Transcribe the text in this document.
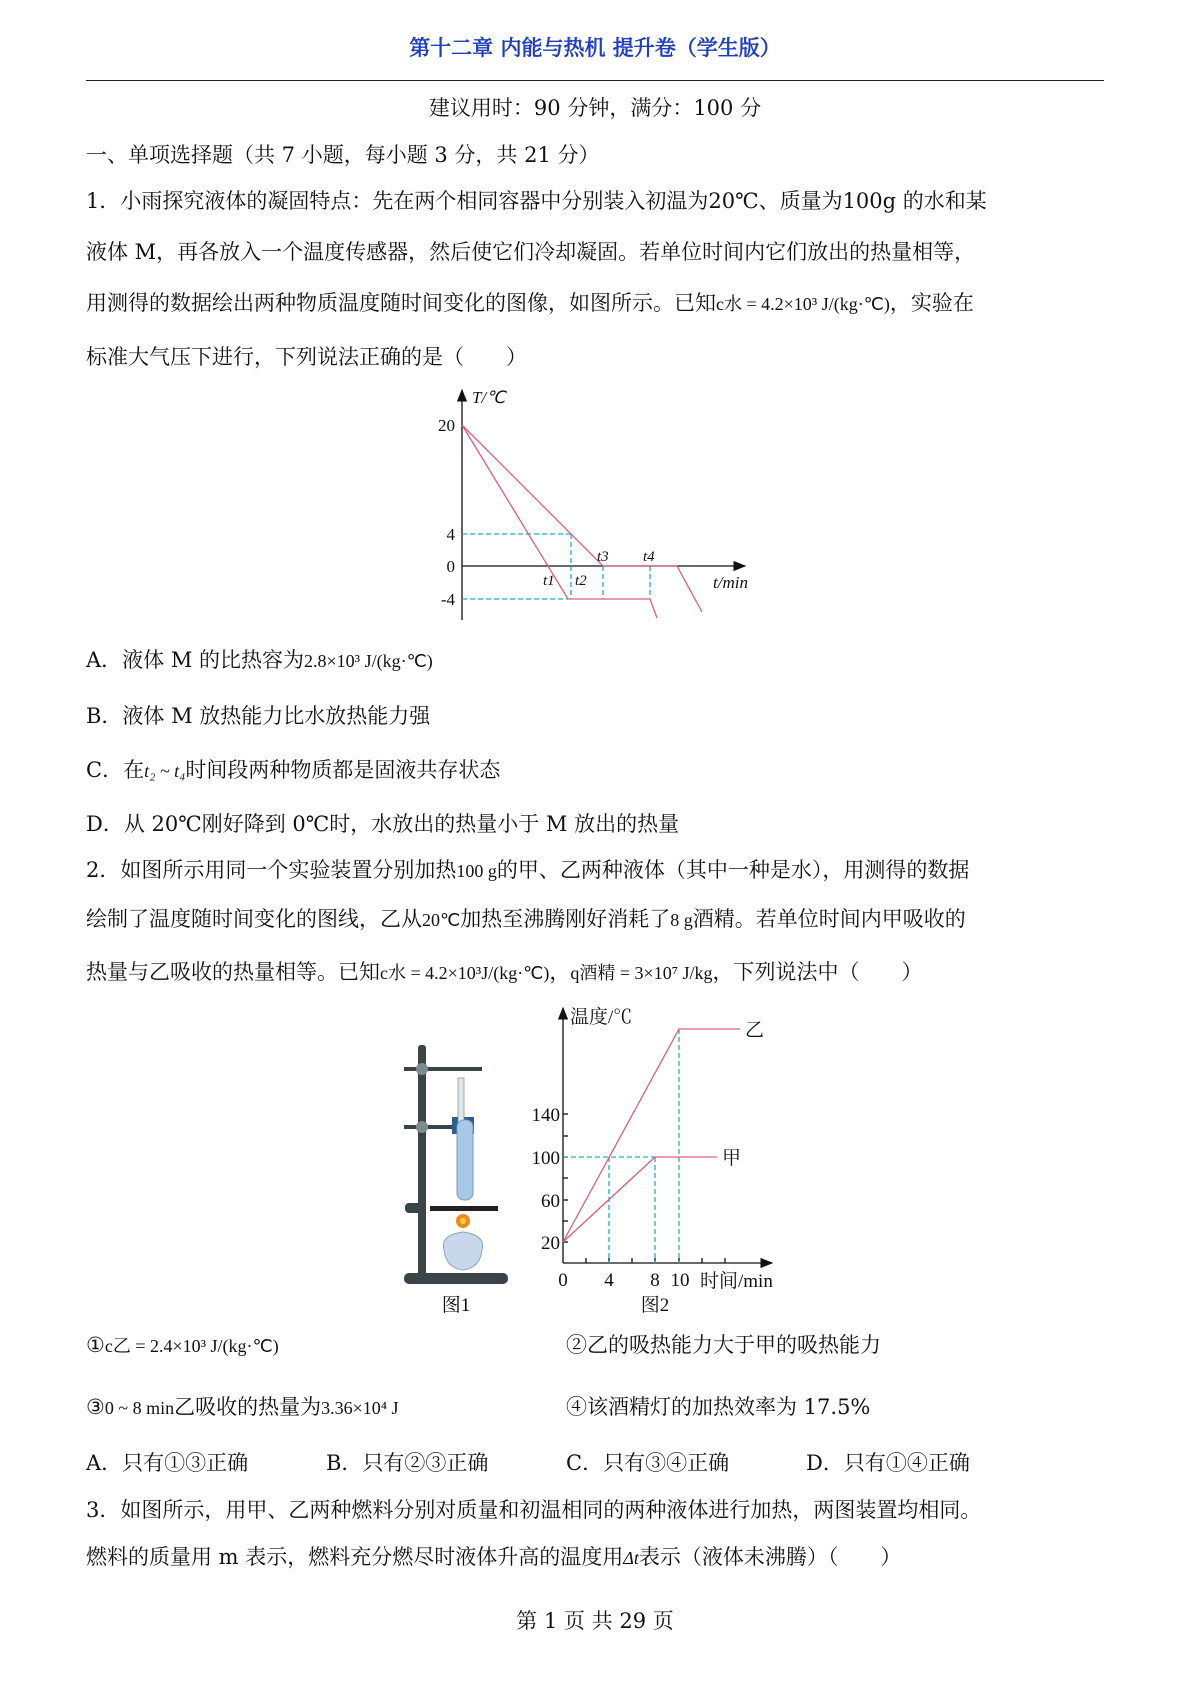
第十二章 内能与热机 提升卷（学生版）
建议用时：90 分钟，满分：100 分
一、单项选择题（共 7 小题，每小题 3 分，共 21 分）
1．小雨探究液体的凝固特点：先在两个相同容器中分别装入初温为20℃、质量为100g 的水和某
液体 M，再各放入一个温度传感器，然后使它们冷却凝固。若单位时间内它们放出的热量相等，
用测得的数据绘出两种物质温度随时间变化的图像，如图所示。已知c水 = 4.2×10³ J/(kg·℃)，实验在
标准大气压下进行，下列说法正确的是（　　）
A．液体 M 的比热容为2.8×10³ J/(kg·℃)
B．液体 M 放热能力比水放热能力强
C．在t₂ ~ t₄时间段两种物质都是固液共存状态
D．从 20℃刚好降到 0℃时，水放出的热量小于 M 放出的热量
2．如图所示用同一个实验装置分别加热100 g的甲、乙两种液体（其中一种是水），用测得的数据
绘制了温度随时间变化的图线，乙从20℃加热至沸腾刚好消耗了8 g酒精。若单位时间内甲吸收的
热量与乙吸收的热量相等。已知c水 = 4.2×10³J/(kg·℃)，q酒精 = 3×10⁷ J/kg，下列说法中（　　）
①c乙 = 2.4×10³ J/(kg·℃)	②乙的吸热能力大于甲的吸热能力
③0 ~ 8 min乙吸收的热量为3.36×10⁴ J	④该酒精灯的加热效率为 17.5%
A．只有①③正确	B．只有②③正确	C．只有③④正确	D．只有①④正确
3．如图所示，用甲、乙两种燃料分别对质量和初温相同的两种液体进行加热，两图装置均相同。
燃料的质量用 m 表示，燃料充分燃尽时液体升高的温度用Δt表示（液体未沸腾）（　　）
第 1 页 共 29 页
T/℃
20
4
0
-4
t1 t2
t3 t4
t/min
图1
温度/℃
140
100
60
20
0 4 8 10 时间/min
乙
甲
图2
